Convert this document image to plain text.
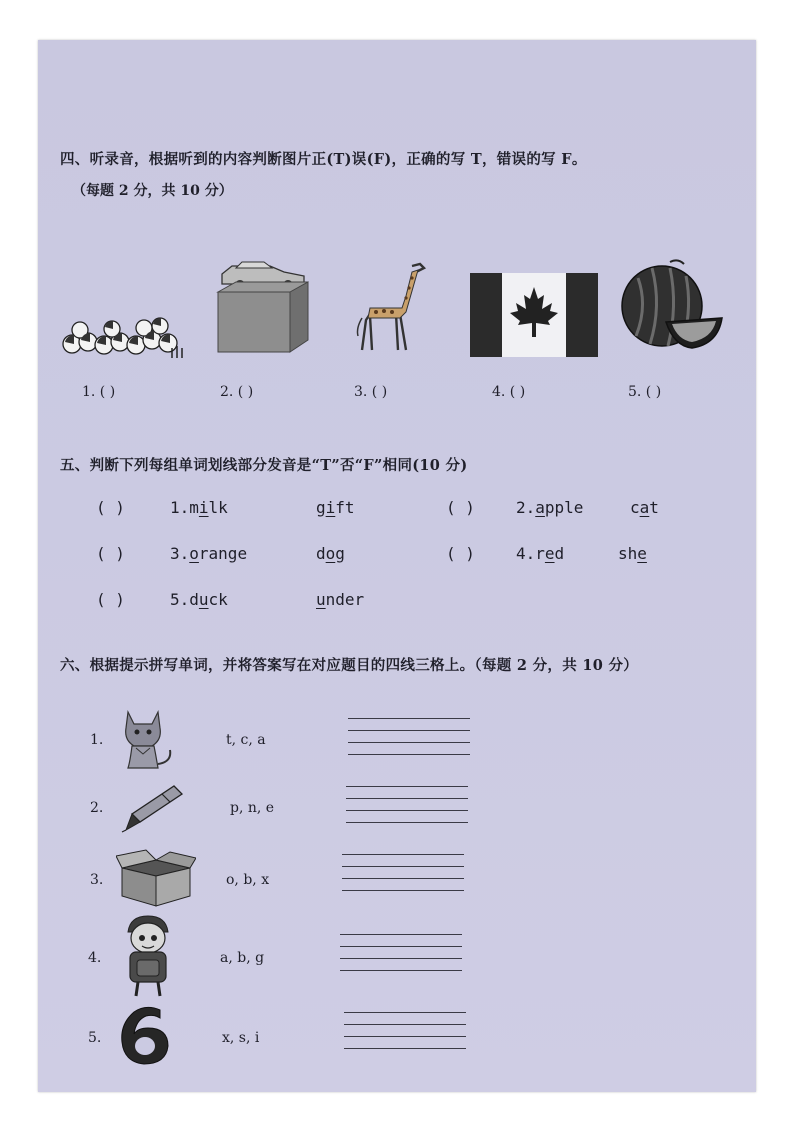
四、听录音，根据听到的内容判断图片正(T)误(F)，正确的写 T，错误的写 F。
（每题 2 分，共 10 分）
1. ( )	2. ( )	3. ( )	4. ( )	5. ( )
五、判断下列每组单词划线部分发音是“T”否“F”相同(10 分)
( )	1.milk	gift	( )	2.apple	cat
( )	3.orange	dog	( )	4.red	she
( )	5.duck	under
六、根据提示拼写单词，并将答案写在对应题目的四线三格上。（每题 2 分，共 10 分）
1.	t, c, a
2.	p, n, e
3.	o, b, x
4.	a, b, g
5.	x, s, i
